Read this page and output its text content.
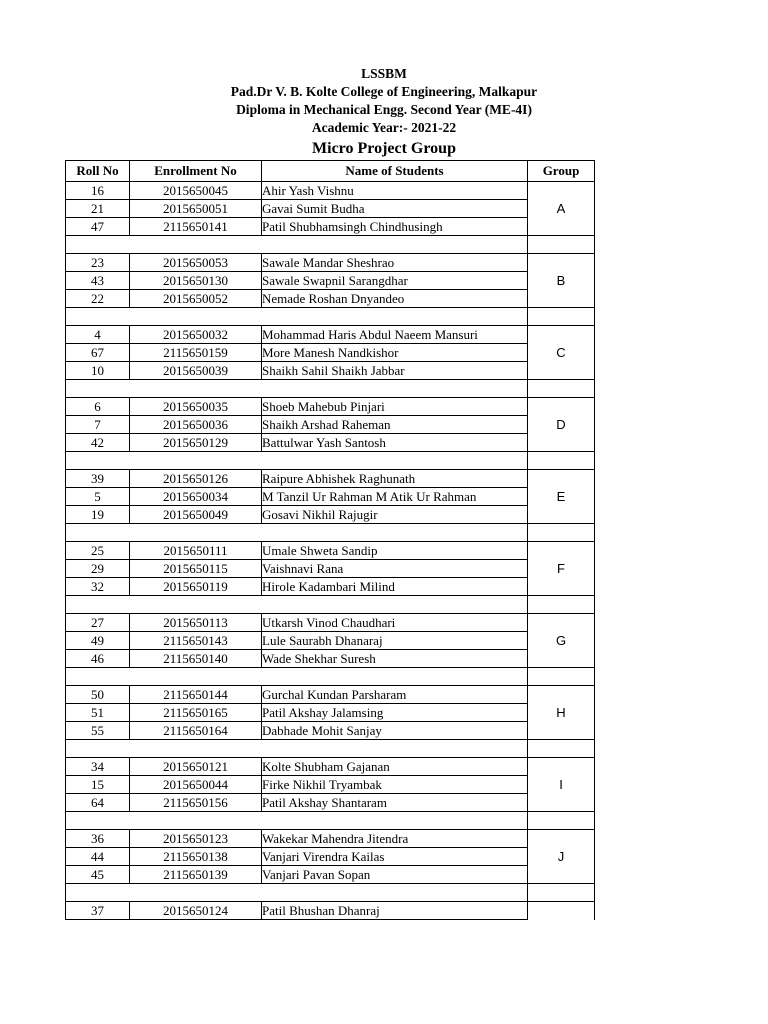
LSSBM
Pad.Dr V. B. Kolte College of Engineering, Malkapur
Diploma in Mechanical Engg. Second Year (ME-4I)
Academic Year:- 2021-22
Micro Project Group
Roll No	Enrollment No	Name of Students	Group
16	2015650045	Ahir Yash Vishnu	A
21	2015650051	Gavai Sumit Budha	
47	2115650141	Patil Shubhamsingh Chindhusingh	

23	2015650053	Sawale Mandar Sheshrao	B
43	2015650130	Sawale Swapnil Sarangdhar	
22	2015650052	Nemade Roshan Dnyandeo	

4	2015650032	Mohammad Haris Abdul Naeem Mansuri	C
67	2115650159	More Manesh Nandkishor	
10	2015650039	Shaikh Sahil Shaikh Jabbar	

6	2015650035	Shoeb Mahebub Pinjari	D
7	2015650036	Shaikh Arshad Raheman	
42	2015650129	Battulwar Yash Santosh	

39	2015650126	Raipure Abhishek Raghunath	E
5	2015650034	M Tanzil Ur Rahman M Atik Ur Rahman	
19	2015650049	Gosavi Nikhil Rajugir	

25	2015650111	Umale Shweta Sandip	F
29	2015650115	Vaishnavi Rana	
32	2015650119	Hirole Kadambari Milind	

27	2015650113	Utkarsh Vinod Chaudhari	G
49	2115650143	Lule Saurabh Dhanaraj	
46	2115650140	Wade Shekhar Suresh	

50	2115650144	Gurchal Kundan Parsharam	H
51	2115650165	Patil Akshay Jalamsing	
55	2115650164	Dabhade Mohit Sanjay	

34	2015650121	Kolte Shubham Gajanan	I
15	2015650044	Firke Nikhil Tryambak	
64	2115650156	Patil Akshay Shantaram	

36	2015650123	Wakekar Mahendra Jitendra	J
44	2115650138	Vanjari Virendra Kailas	
45	2115650139	Vanjari Pavan Sopan	

37	2015650124	Patil Bhushan Dhanraj	
